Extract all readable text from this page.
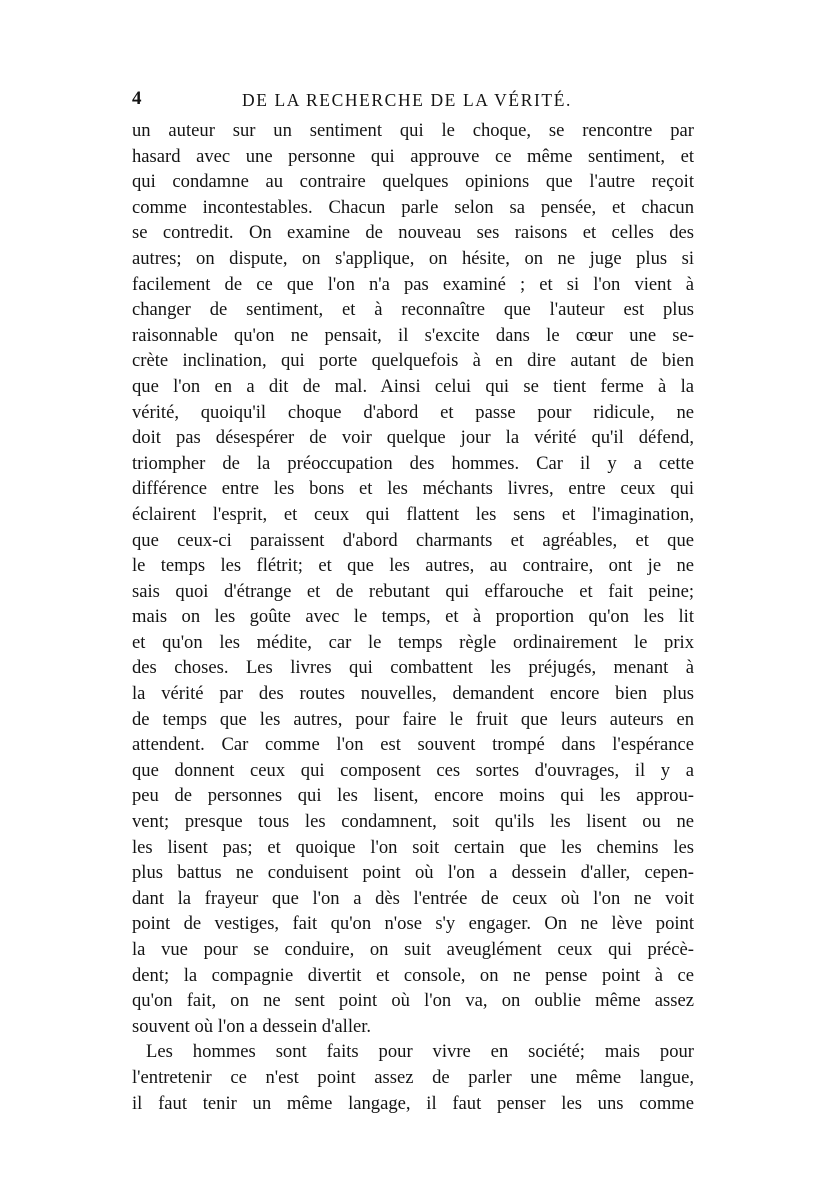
4	DE LA RECHERCHE DE LA VÉRITÉ.
un auteur sur un sentiment qui le choque, se rencontre par
hasard avec une personne qui approuve ce même sentiment, et
qui condamne au contraire quelques opinions que l'autre reçoit
comme incontestables. Chacun parle selon sa pensée, et chacun
se contredit. On examine de nouveau ses raisons et celles des
autres; on dispute, on s'applique, on hésite, on ne juge plus si
facilement de ce que l'on n'a pas examiné ; et si l'on vient à
changer de sentiment, et à reconnaître que l'auteur est plus
raisonnable qu'on ne pensait, il s'excite dans le cœur une se-
crète inclination, qui porte quelquefois à en dire autant de bien
que l'on en a dit de mal. Ainsi celui qui se tient ferme à la
vérité, quoiqu'il choque d'abord et passe pour ridicule, ne
doit pas désespérer de voir quelque jour la vérité qu'il défend,
triompher de la préoccupation des hommes. Car il y a cette
différence entre les bons et les méchants livres, entre ceux qui
éclairent l'esprit, et ceux qui flattent les sens et l'imagination,
que ceux-ci paraissent d'abord charmants et agréables, et que
le temps les flétrit; et que les autres, au contraire, ont je ne
sais quoi d'étrange et de rebutant qui effarouche et fait peine;
mais on les goûte avec le temps, et à proportion qu'on les lit
et qu'on les médite, car le temps règle ordinairement le prix
des choses. Les livres qui combattent les préjugés, menant à
la vérité par des routes nouvelles, demandent encore bien plus
de temps que les autres, pour faire le fruit que leurs auteurs en
attendent. Car comme l'on est souvent trompé dans l'espérance
que donnent ceux qui composent ces sortes d'ouvrages, il y a
peu de personnes qui les lisent, encore moins qui les approu-
vent; presque tous les condamnent, soit qu'ils les lisent ou ne
les lisent pas; et quoique l'on soit certain que les chemins les
plus battus ne conduisent point où l'on a dessein d'aller, cepen-
dant la frayeur que l'on a dès l'entrée de ceux où l'on ne voit
point de vestiges, fait qu'on n'ose s'y engager. On ne lève point
la vue pour se conduire, on suit aveuglément ceux qui précè-
dent; la compagnie divertit et console, on ne pense point à ce
qu'on fait, on ne sent point où l'on va, on oublie même assez
souvent où l'on a dessein d'aller.
Les hommes sont faits pour vivre en société; mais pour
l'entretenir ce n'est point assez de parler une même langue,
il faut tenir un même langage, il faut penser les uns comme
